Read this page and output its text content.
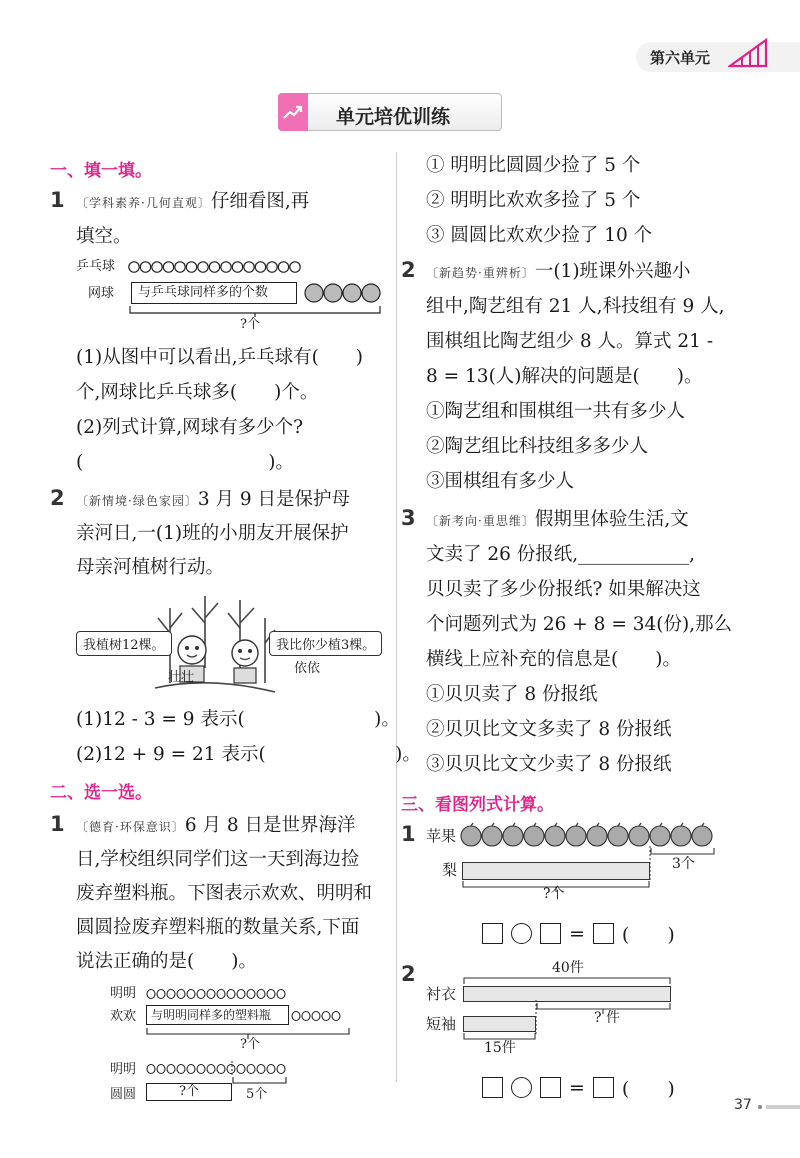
第六单元
单元培优训练
一、填一填。
1 〔学科素养·几何直观〕仔细看图,再
填空。
乒乓球
网球	与乒乓球同样多的个数
?个
(1)从图中可以看出,乒乓球有(　　)
个,网球比乒乓球多(　　)个。
(2)列式计算,网球有多少个?
(　　　　　　　　　　)。
2 〔新情境·绿色家园〕3 月 9 日是保护母
亲河日,一(1)班的小朋友开展保护
母亲河植树行动。
我植树12棵。	我比你少植3棵。
壮壮
依依
(1)12 - 3 = 9 表示(　　　　　　　)。
(2)12 + 9 = 21 表示(　　　　　　　)。
二、选一选。
1 〔德育·环保意识〕6 月 8 日是世界海洋
日,学校组织同学们这一天到海边捡
废弃塑料瓶。下图表示欢欢、明明和
圆圆捡废弃塑料瓶的数量关系,下面
说法正确的是(　　)。
明明
欢欢	与明明同样多的塑料瓶
?个
明明
圆圆	?个	5个
① 明明比圆圆少捡了 5 个
② 明明比欢欢多捡了 5 个
③ 圆圆比欢欢少捡了 10 个
2 〔新趋势·重辨析〕一(1)班课外兴趣小
组中,陶艺组有 21 人,科技组有 9 人,
围棋组比陶艺组少 8 人。算式 21 -
8 = 13(人)解决的问题是(　　)。
①陶艺组和围棋组一共有多少人
②陶艺组比科技组多多少人
③围棋组有多少人
3 〔新考向·重思维〕假期里体验生活,文
文卖了 26 份报纸,____________,
贝贝卖了多少份报纸? 如果解决这
个问题列式为 26 + 8 = 34(份),那么
横线上应补充的信息是(　　)。
①贝贝卖了 8 份报纸
②贝贝比文文多卖了 8 份报纸
③贝贝比文文少卖了 8 份报纸
三、看图列式计算。
1 苹果
3个
梨
?个
= (　　)
2	40件
衬衣
? 件
短袖
15件
= (　　)
37
